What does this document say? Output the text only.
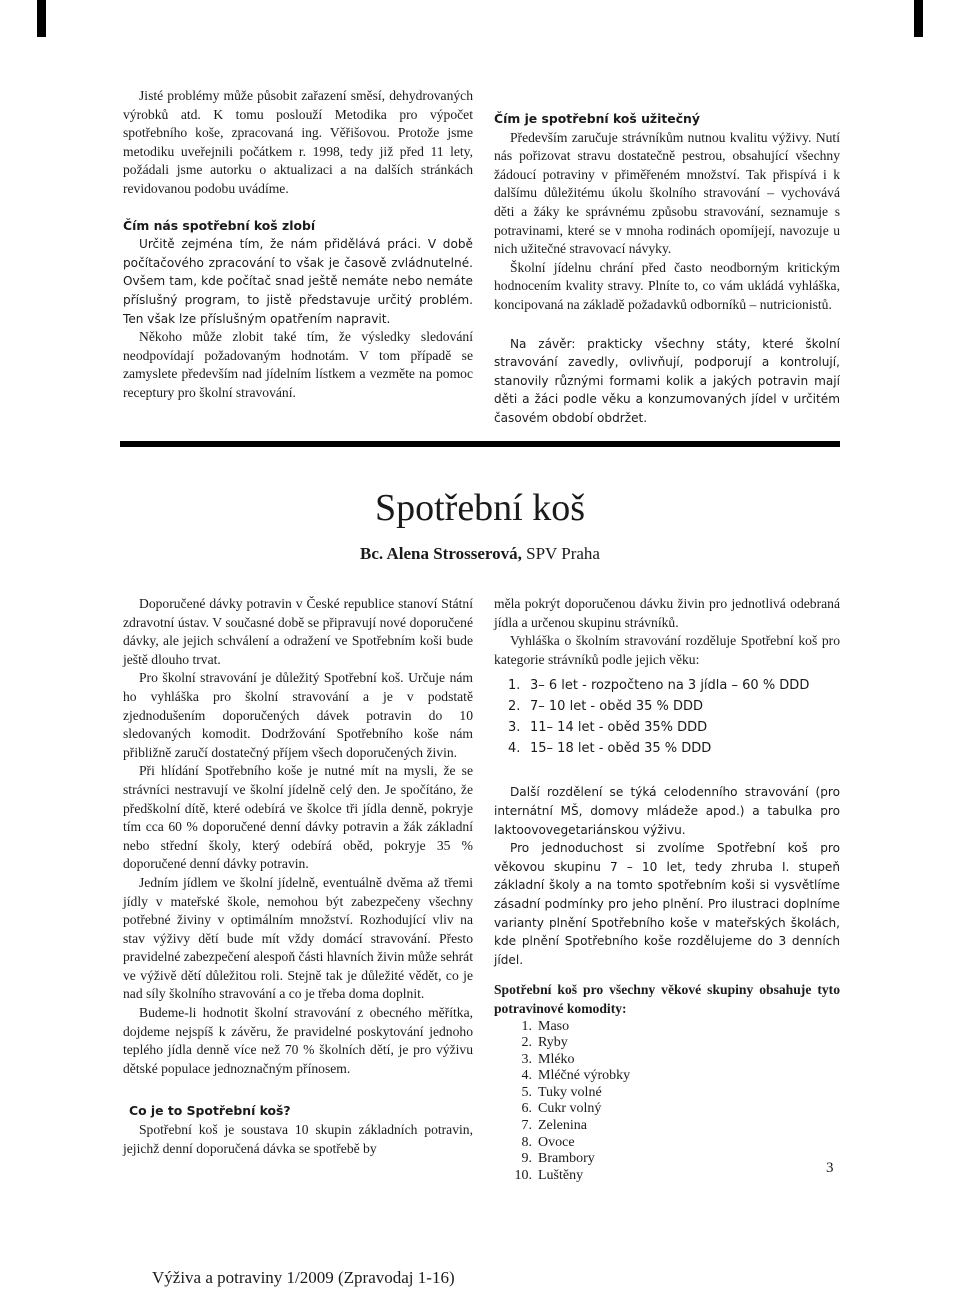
Jisté problémy může působit zařazení směsí, dehydrovaných výrobků atd. K tomu poslouží Metodika pro výpočet spotřebního koše, zpracovaná ing. Věřišovou. Protože jsme metodiku uveřejnili počátkem r. 1998, tedy již před 11 lety, požádali jsme autorku o aktualizaci a na dalších stránkách revidovanou podobu uvádíme.

Čím nás spotřební koš zlobí

Určitě zejména tím, že nám přidělává práci. V době počítačového zpracování to však je časově zvládnutelné. Ovšem tam, kde počítač snad ještě nemáte nebo nemáte příslušný program, to jistě představuje určitý problém. Ten však lze příslušným opatřením napravit.

Někoho může zlobit také tím, že výsledky sledování neodpovídají požadovaným hodnotám. V tom případě se zamyslete především nad jídelním lístkem a vezměte na pomoc receptury pro školní stravování.

Čím je spotřební koš užitečný

Především zaručuje strávníkům nutnou kvalitu výživy. Nutí nás pořizovat stravu dostatečně pestrou, obsahující všechny žádoucí potraviny v přiměřeném množství. Tak přispívá i k dalšímu důležitému úkolu školního stravování – vychovává děti a žáky ke správnému způsobu stravování, seznamuje s potravinami, které se v mnoha rodinách opomíjejí, navozuje u nich užitečné stravovací návyky.

Školní jídelnu chrání před často neodborným kritickým hodnocením kvality stravy. Plníte to, co vám ukládá vyhláška, koncipovaná na základě požadavků odborníků – nutricionistů.

Na závěr: prakticky všechny státy, které školní stravování zavedly, ovlivňují, podporují a kontrolují, stanovily různými formami kolik a jakých potravin mají děti a žáci podle věku a konzumovaných jídel v určitém časovém období obdržet.

Spotřební koš
Bc. Alena Strosserová, SPV Praha

Doporučené dávky potravin v České republice stanoví Státní zdravotní ústav. V současné době se připravují nové doporučené dávky, ale jejich schválení a odražení ve Spotřebním koši bude ještě dlouho trvat.

Pro školní stravování je důležitý Spotřební koš. Určuje nám ho vyhláška pro školní stravování a je v podstatě zjednodušením doporučených dávek potravin do 10 sledovaných komodit. Dodržování Spotřebního koše nám přibližně zaručí dostatečný příjem všech doporučených živin.

Při hlídání Spotřebního koše je nutné mít na mysli, že se strávníci nestravují ve školní jídelně celý den. Je spočítáno, že předškolní dítě, které odebírá ve školce tři jídla denně, pokryje tím cca 60 % doporučené denní dávky potravin a žák základní nebo střední školy, který odebírá oběd, pokryje 35 % doporučené denní dávky potravin.

Jedním jídlem ve školní jídelně, eventuálně dvěma až třemi jídly v mateřské škole, nemohou být zabezpečeny všechny potřebné živiny v optimálním množství. Rozhodující vliv na stav výživy dětí bude mít vždy domácí stravování. Přesto pravidelné zabezpečení alespoň části hlavních živin může sehrát ve výživě dětí důležitou roli. Stejně tak je důležité vědět, co je nad síly školního stravování a co je třeba doma doplnit.

Budeme-li hodnotit školní stravování z obecného měřítka, dojdeme nejspíš k závěru, že pravidelné poskytování jednoho teplého jídla denně více než 70 % školních dětí, je pro výživu dětské populace jednoznačným přínosem.

Co je to Spotřební koš?

Spotřební koš je soustava 10 skupin základních potravin, jejichž denní doporučená dávka se spotřebě by

měla pokrýt doporučenou dávku živin pro jednotlivá odebraná jídla a určenou skupinu strávníků.

Vyhláška o školním stravování rozděluje Spotřební koš pro kategorie strávníků podle jejich věku:

1. 3– 6 let - rozpočteno na 3 jídla – 60 % DDD
2. 7– 10 let - oběd 35 % DDD
3. 11– 14 let - oběd 35% DDD
4. 15– 18 let - oběd 35 % DDD

Další rozdělení se týká celodenního stravování (pro internátní MŠ, domovy mládeže apod.) a tabulka pro laktoovovegetariánskou výživu.

Pro jednoduchost si zvolíme Spotřební koš pro věkovou skupinu 7 – 10 let, tedy zhruba I. stupeň základní školy a na tomto spotřebním koši si vysvětlíme zásadní podmínky pro jeho plnění. Pro ilustraci doplníme varianty plnění Spotřebního koše v mateřských školách, kde plnění Spotřebního koše rozdělujeme do 3 denních jídel.

Spotřební koš pro všechny věkové skupiny obsahuje tyto potravinové komodity:
1. Maso
2. Ryby
3. Mléko
4. Mléčné výrobky
5. Tuky volné
6. Cukr volný
7. Zelenina
8. Ovoce
9. Brambory
10. Luštěny	3
Výživa a potraviny 1/2009 (Zpravodaj 1-16)
